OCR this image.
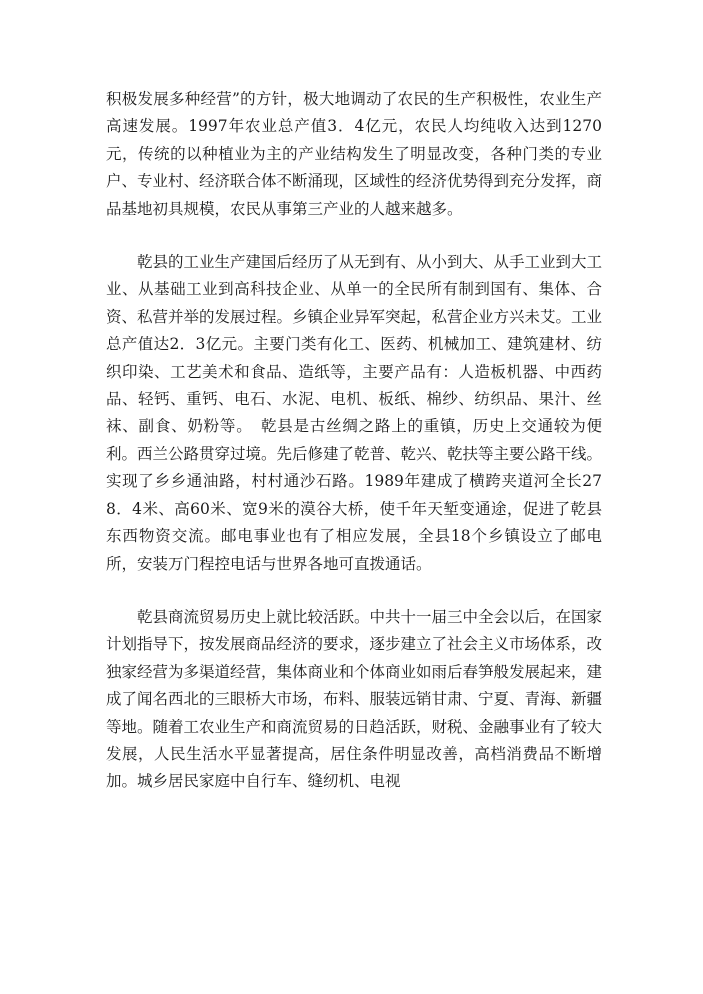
积极发展多种经营”的方针，极大地调动了农民的生产积极性，农业生产高速发展。1997年农业总产值3．4亿元，农民人均纯收入达到1270元，传统的以种植业为主的产业结构发生了明显改变，各种门类的专业户、专业村、经济联合体不断涌现，区域性的经济优势得到充分发挥，商品基地初具规模，农民从事第三产业的人越来越多。

乾县的工业生产建国后经历了从无到有、从小到大、从手工业到大工业、从基础工业到高科技企业、从单一的全民所有制到国有、集体、合资、私营并举的发展过程。乡镇企业异军突起，私营企业方兴未艾。工业总产值达2．3亿元。主要门类有化工、医药、机械加工、建筑建材、纺织印染、工艺美术和食品、造纸等，主要产品有：人造板机器、中西药品、轻钙、重钙、电石、水泥、电机、板纸、棉纱、纺织品、果汁、丝袜、副食、奶粉等。　乾县是古丝绸之路上的重镇，历史上交通较为便利。西兰公路贯穿过境。先后修建了乾普、乾兴、乾扶等主要公路干线。实现了乡乡通油路，村村通沙石路。1989年建成了横跨夹道河全长278．4米、高60米、宽9米的漠谷大桥，使千年天堑变通途，促进了乾县东西物资交流。邮电事业也有了相应发展，全县18个乡镇设立了邮电所，安装万门程控电话与世界各地可直拨通话。

乾县商流贸易历史上就比较活跃。中共十一届三中全会以后，在国家计划指导下，按发展商品经济的要求，逐步建立了社会主义市场体系，改独家经营为多渠道经营，集体商业和个体商业如雨后春笋般发展起来，建成了闻名西北的三眼桥大市场，布料、服装远销甘肃、宁夏、青海、新疆等地。随着工农业生产和商流贸易的日趋活跃，财税、金融事业有了较大发展，人民生活水平显著提高，居住条件明显改善，高档消费品不断增加。城乡居民家庭中自行车、缝纫机、电视
